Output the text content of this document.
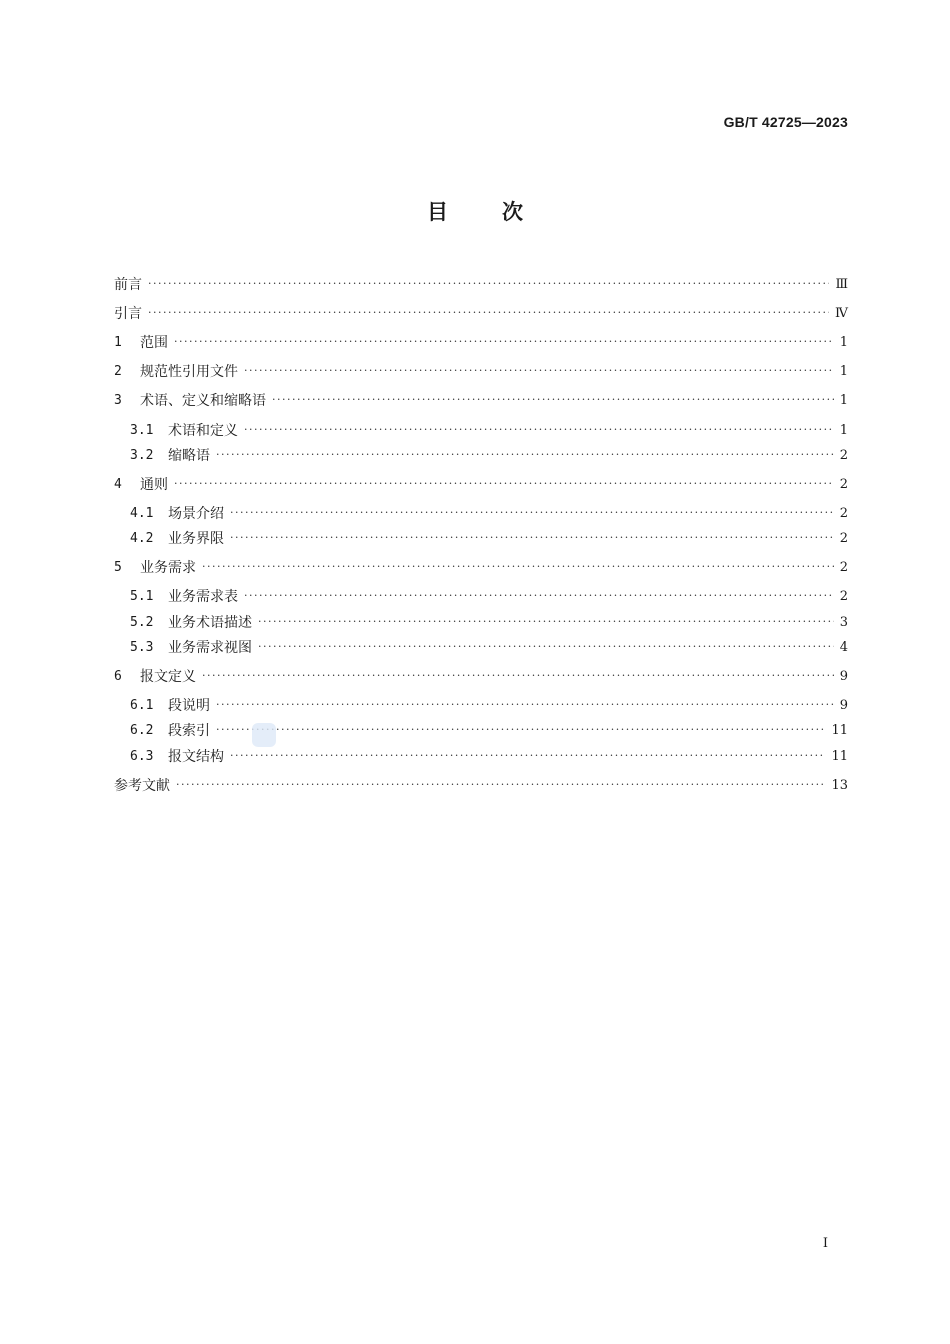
GB/T 42725—2023
目	次
前言 ·····	Ⅲ
引言 ·····	Ⅳ
1	范围 ·····	1
2	规范性引用文件 ·····	1
3	术语、定义和缩略语 ·····	1
3.1	术语和定义 ·····	1
3.2	缩略语 ·····	2
4	通则 ·····	2
4.1	场景介绍 ·····	2
4.2	业务界限 ·····	2
5	业务需求 ·····	2
5.1	业务需求表 ·····	2
5.2	业务术语描述 ·····	3
5.3	业务需求视图 ·····	4
6	报文定义 ·····	9
6.1	段说明 ·····	9
6.2	段索引 ·····	11
6.3	报文结构 ·····	11
参考文献 ·····	13
I
